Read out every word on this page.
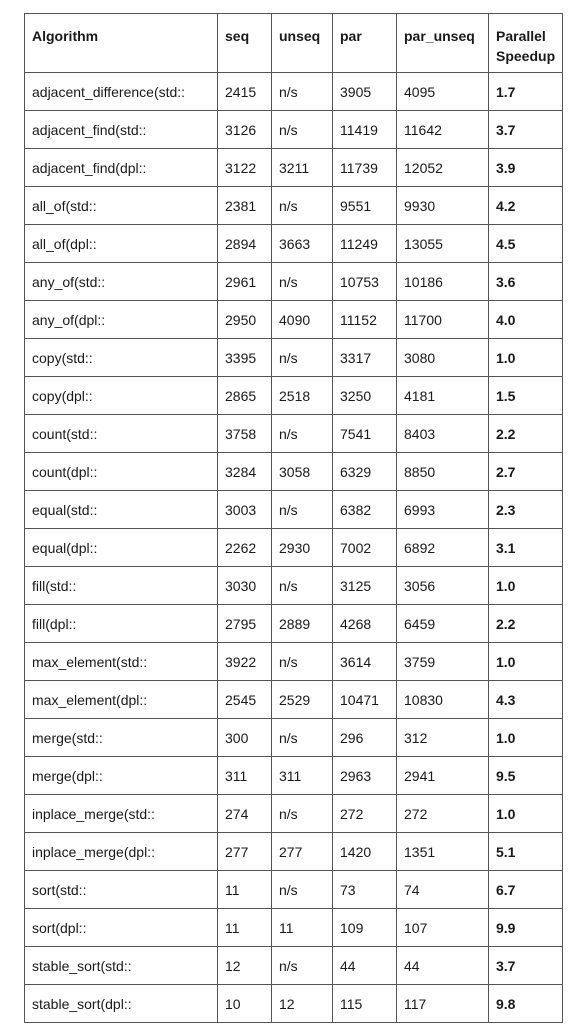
Algorithm	seq	unseq	par	par_unseq	Parallel Speedup
adjacent_difference(std::	2415	n/s	3905	4095	1.7
adjacent_find(std::	3126	n/s	11419	11642	3.7
adjacent_find(dpl::	3122	3211	11739	12052	3.9
all_of(std::	2381	n/s	9551	9930	4.2
all_of(dpl::	2894	3663	11249	13055	4.5
any_of(std::	2961	n/s	10753	10186	3.6
any_of(dpl::	2950	4090	11152	11700	4.0
copy(std::	3395	n/s	3317	3080	1.0
copy(dpl::	2865	2518	3250	4181	1.5
count(std::	3758	n/s	7541	8403	2.2
count(dpl::	3284	3058	6329	8850	2.7
equal(std::	3003	n/s	6382	6993	2.3
equal(dpl::	2262	2930	7002	6892	3.1
fill(std::	3030	n/s	3125	3056	1.0
fill(dpl::	2795	2889	4268	6459	2.2
max_element(std::	3922	n/s	3614	3759	1.0
max_element(dpl::	2545	2529	10471	10830	4.3
merge(std::	300	n/s	296	312	1.0
merge(dpl::	311	311	2963	2941	9.5
inplace_merge(std::	274	n/s	272	272	1.0
inplace_merge(dpl::	277	277	1420	1351	5.1
sort(std::	11	n/s	73	74	6.7
sort(dpl::	11	11	109	107	9.9
stable_sort(std::	12	n/s	44	44	3.7
stable_sort(dpl::	10	12	115	117	9.8
